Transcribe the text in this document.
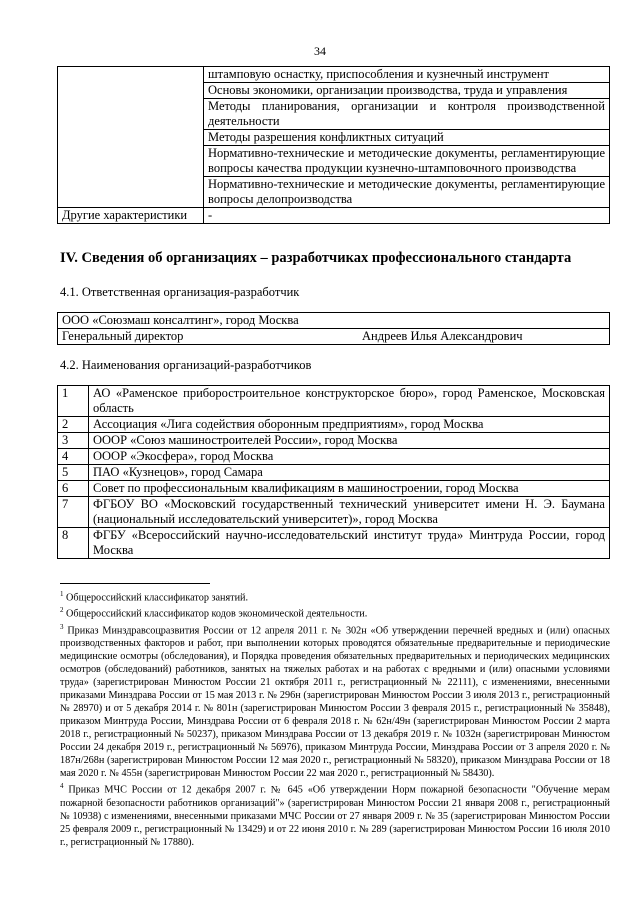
34
	штамповую оснастку, приспособления и кузнечный инструмент
	Основы экономики, организации производства, труда и управления
	Методы планирования, организации и контроля производственной деятельности
	Методы разрешения конфликтных ситуаций
	Нормативно-технические и методические документы, регламентирующие вопросы качества продукции кузнечно-штамповочного производства
	Нормативно-технические и методические документы, регламентирующие вопросы делопроизводства
Другие характеристики	-
IV. Сведения об организациях – разработчиках профессионального стандарта
4.1. Ответственная организация-разработчик
ООО «Союзмаш консалтинг», город Москва
Генеральный директор	Андреев Илья Александрович
4.2. Наименования организаций-разработчиков
1	АО «Раменское приборостроительное конструкторское бюро», город Раменское, Московская область
2	Ассоциация «Лига содействия оборонным предприятиям», город Москва
3	ОООР «Союз машиностроителей России», город Москва
4	ОООР «Экосфера», город Москва
5	ПАО «Кузнецов», город Самара
6	Совет по профессиональным квалификациям в машиностроении, город Москва
7	ФГБОУ ВО «Московский государственный технический университет имени Н. Э. Баумана (национальный исследовательский университет)», город Москва
8	ФГБУ «Всероссийский научно-исследовательский институт труда» Минтруда России, город Москва

$^1$ Общероссийский классификатор занятий.

$^2$ Общероссийский классификатор кодов экономической деятельности.

$^3$ Приказ Минздравсоцразвития России от 12 апреля 2011 г. № 302н «Об утверждении перечней вредных и (или) опасных производственных факторов и работ, при выполнении которых проводятся обязательные предварительные и периодические медицинские осмотры (обследования), и Порядка проведения обязательных предварительных и периодических медицинских осмотров (обследований) работников, занятых на тяжелых работах и на работах с вредными и (или) опасными условиями труда» (зарегистрирован Минюстом России 21 октября 2011 г., регистрационный № 22111), с изменениями, внесенными приказами Минздрава России от 15 мая 2013 г. № 296н (зарегистрирован Минюстом России 3 июля 2013 г., регистрационный № 28970) и от 5 декабря 2014 г. № 801н (зарегистрирован Минюстом России 3 февраля 2015 г., регистрационный № 35848), приказом Минтруда России, Минздрава России от 6 февраля 2018 г. № 62н/49н (зарегистрирован Минюстом России 2 марта 2018 г., регистрационный № 50237), приказом Минздрава России от 13 декабря 2019 г. № 1032н (зарегистрирован Минюстом России 24 декабря 2019 г., регистрационный № 56976), приказом Минтруда России, Минздрава России от 3 апреля 2020 г. № 187н/268н (зарегистрирован Минюстом России 12 мая 2020 г., регистрационный № 58320), приказом Минздрава России от 18 мая 2020 г. № 455н (зарегистрирован Минюстом России 22 мая 2020 г., регистрационный № 58430).

$^4$ Приказ МЧС России от 12 декабря 2007 г. № 645 «Об утверждении Норм пожарной безопасности "Обучение мерам пожарной безопасности работников организаций"» (зарегистрирован Минюстом России 21 января 2008 г., регистрационный № 10938) с изменениями, внесенными приказами МЧС России от 27 января 2009 г. № 35 (зарегистрирован Минюстом России 25 февраля 2009 г., регистрационный № 13429) и от 22 июня 2010 г. № 289 (зарегистрирован Минюстом России 16 июля 2010 г., регистрационный № 17880).
